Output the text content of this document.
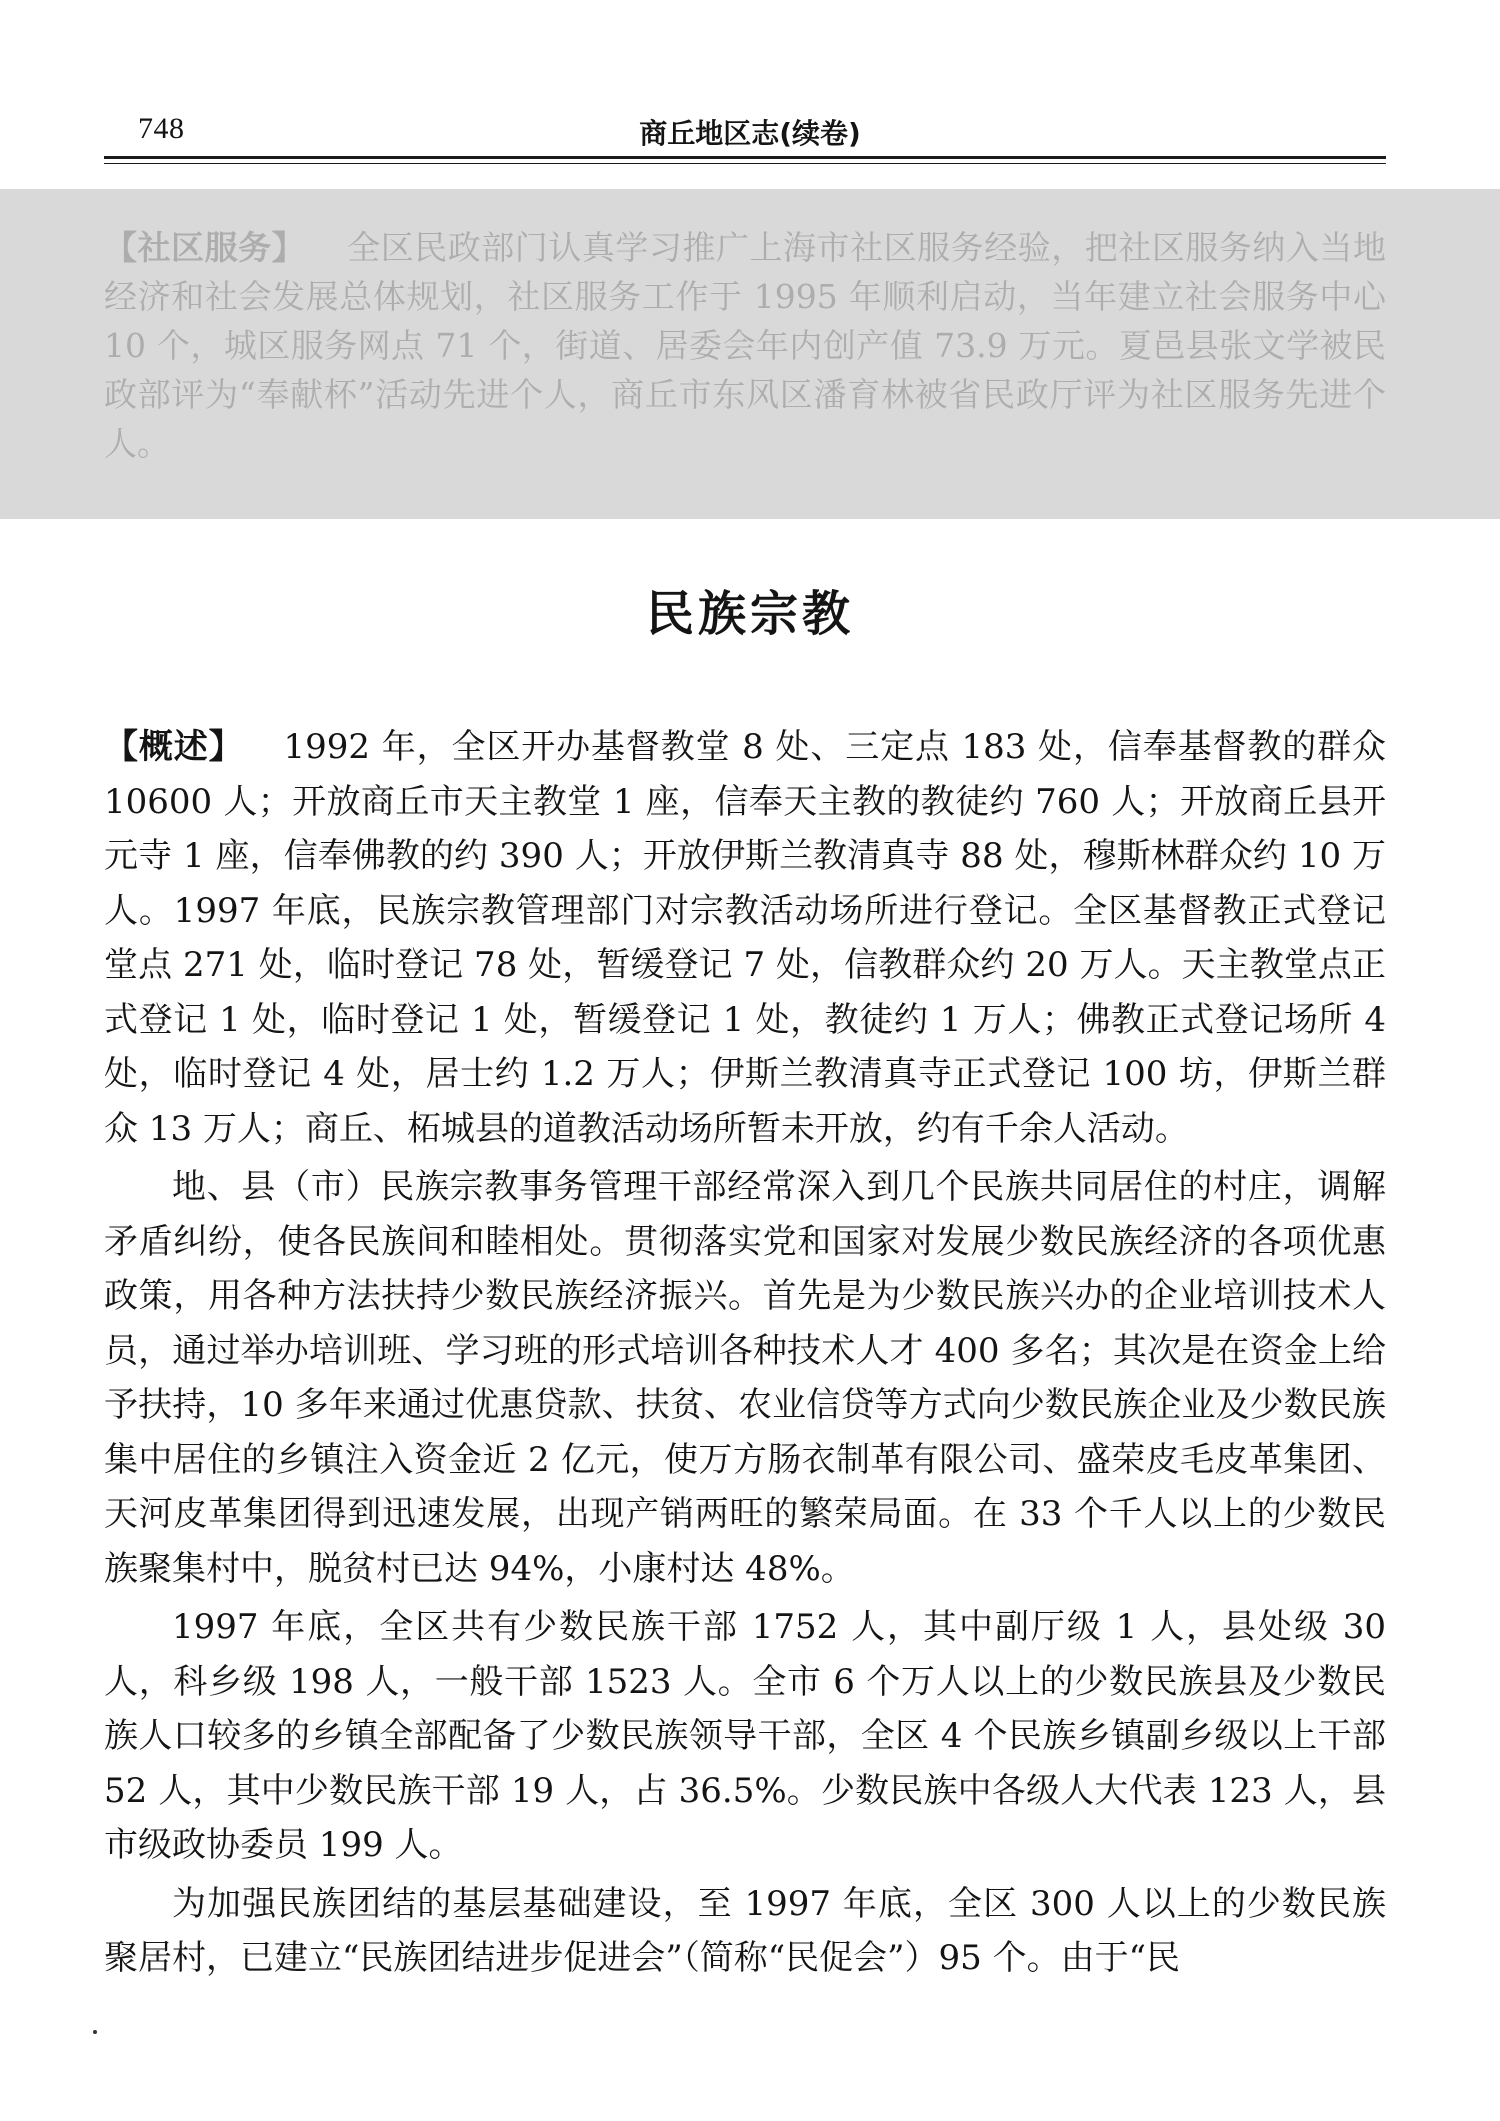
748	商丘地区志(续卷)

【社区服务】 全区民政部门认真学习推广上海市社区服务经验，把社区服务纳入当地经济和社会发展总体规划，社区服务工作于 1995 年顺利启动，当年建立社会服务中心 10 个，城区服务网点 71 个，街道、居委会年内创产值 73.9 万元。夏邑县张文学被民政部评为“奉献杯”活动先进个人，商丘市东风区潘育林被省民政厅评为社区服务先进个人。

民族宗教

【概述】 1992 年，全区开办基督教堂 8 处、三定点 183 处，信奉基督教的群众 10600 人；开放商丘市天主教堂 1 座，信奉天主教的教徒约 760 人；开放商丘县开元寺 1 座，信奉佛教的约 390 人；开放伊斯兰教清真寺 88 处，穆斯林群众约 10 万人。1997 年底，民族宗教管理部门对宗教活动场所进行登记。全区基督教正式登记堂点 271 处，临时登记 78 处，暂缓登记 7 处，信教群众约 20 万人。天主教堂点正式登记 1 处，临时登记 1 处，暂缓登记 1 处，教徒约 1 万人；佛教正式登记场所 4 处，临时登记 4 处，居士约 1.2 万人；伊斯兰教清真寺正式登记 100 坊，伊斯兰群众 13 万人；商丘、柘城县的道教活动场所暂未开放，约有千余人活动。

地、县（市）民族宗教事务管理干部经常深入到几个民族共同居住的村庄，调解矛盾纠纷，使各民族间和睦相处。贯彻落实党和国家对发展少数民族经济的各项优惠政策，用各种方法扶持少数民族经济振兴。首先是为少数民族兴办的企业培训技术人员，通过举办培训班、学习班的形式培训各种技术人才 400 多名；其次是在资金上给予扶持，10 多年来通过优惠贷款、扶贫、农业信贷等方式向少数民族企业及少数民族集中居住的乡镇注入资金近 2 亿元，使万方肠衣制革有限公司、盛荣皮毛皮革集团、天河皮革集团得到迅速发展，出现产销两旺的繁荣局面。在 33 个千人以上的少数民族聚集村中，脱贫村已达 94%，小康村达 48%。

1997 年底，全区共有少数民族干部 1752 人，其中副厅级 1 人，县处级 30 人，科乡级 198 人，一般干部 1523 人。全市 6 个万人以上的少数民族县及少数民族人口较多的乡镇全部配备了少数民族领导干部，全区 4 个民族乡镇副乡级以上干部 52 人，其中少数民族干部 19 人，占 36.5%。少数民族中各级人大代表 123 人，县市级政协委员 199 人。

为加强民族团结的基层基础建设，至 1997 年底，全区 300 人以上的少数民族聚居村，已建立“民族团结进步促进会”（简称“民促会”）95 个。由于“民
